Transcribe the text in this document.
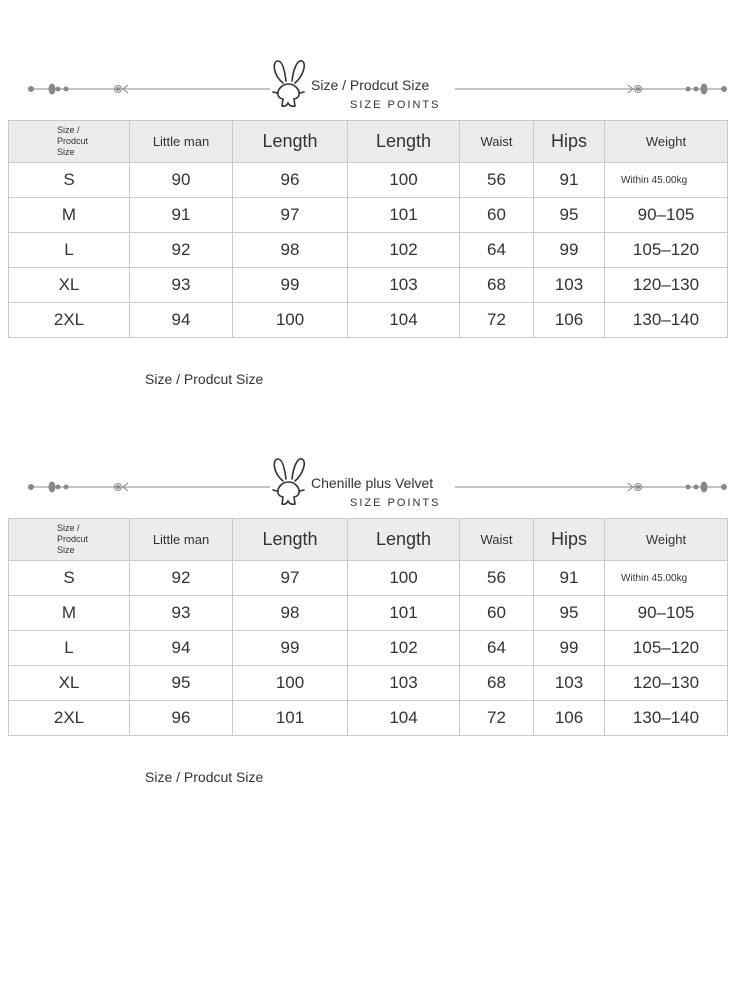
Size / Prodcut Size
SIZE POINTS
Size /
Prodcut
Size	Little man	Length	Length	Waist	Hips	Weight
S	90	96	100	56	91	Within 45.00kg
M	91	97	101	60	95	90–105
L	92	98	102	64	99	105–120
XL	93	99	103	68	103	120–130
2XL	94	100	104	72	106	130–140
Size / Prodcut Size
Chenille plus Velvet
SIZE POINTS
Size /
Prodcut
Size	Little man	Length	Length	Waist	Hips	Weight
S	92	97	100	56	91	Within 45.00kg
M	93	98	101	60	95	90–105
L	94	99	102	64	99	105–120
XL	95	100	103	68	103	120–130
2XL	96	101	104	72	106	130–140
Size / Prodcut Size
